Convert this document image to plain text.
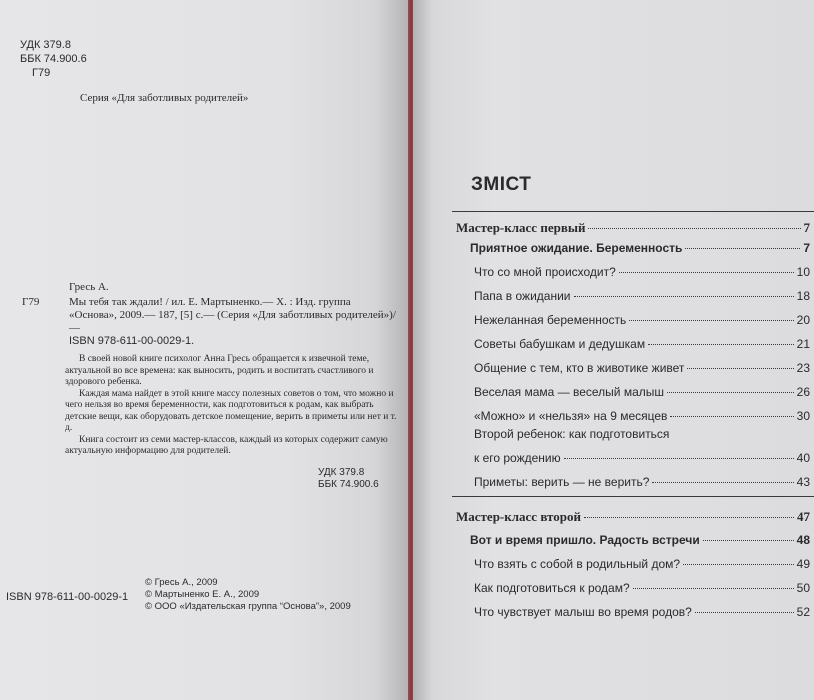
УДК 379.8
ББК 74.900.6
Г79
Серия «Для заботливых родителей»
Гресь А.
Г79	Мы тебя так ждали! / ил. Е. Мартыненко.— Х. : Изд. группа «Основа», 2009.— 187, [5] с.— (Серия «Для заботливых родителей»)/—
ISBN 978-611-00-0029-1.

В своей новой книге психолог Анна Гресь обращается к извечной теме, актуальной во все времена: как выносить, родить и воспитать счастливого и здорового ребенка.

Каждая мама найдет в этой книге массу полезных советов о том, что можно и чего нельзя во время беременности, как подготовиться к родам, как выбрать детские вещи, как оборудовать детское помещение, верить в приметы или нет и т. д.

Книга состоит из семи мастер-классов, каждый из которых содержит самую актуальную информацию для родителей.

УДК 379.8
ББК 74.900.6
ISBN 978-611-00-0029-1
© Гресь А., 2009
© Мартыненко Е. А., 2009
© ООО «Издательская группа “Основа”», 2009
ЗМІСТ
Мастер-класс первый	7
Приятное ожидание. Беременность	7
Что со мной происходит?	10
Папа в ожидании	18
Нежеланная беременность	20
Советы бабушкам и дедушкам	21
Общение с тем, кто в животике живет	23
Веселая мама — веселый малыш	26
«Можно» и «нельзя» на 9 месяцев	30
Второй ребенок: как подготовиться
к его рождению	40
Приметы: верить — не верить?	43
Мастер-класс второй	47
Вот и время пришло. Радость встречи	48
Что взять с собой в родильный дом?	49
Как подготовиться к родам?	50
Что чувствует малыш во время родов?	52
